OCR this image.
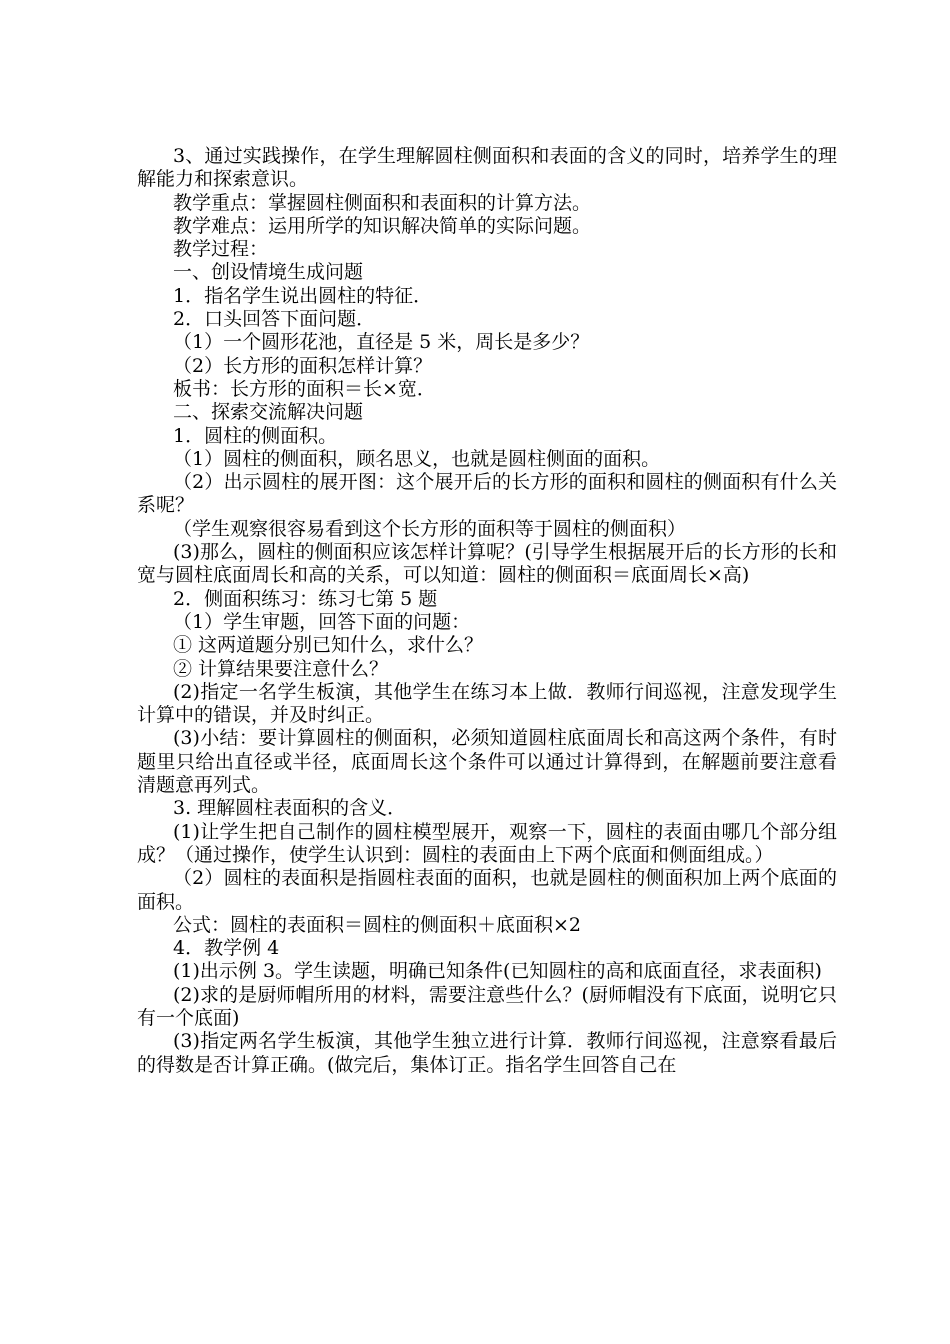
3、通过实践操作，在学生理解圆柱侧面积和表面的含义的同时，培养学生的理解能力和探索意识。

教学重点：掌握圆柱侧面积和表面积的计算方法。

教学难点：运用所学的知识解决简单的实际问题。

教学过程：

一、创设情境生成问题

1．指名学生说出圆柱的特征．

2．口头回答下面问题．

（1）一个圆形花池，直径是 5 米，周长是多少？

（2）长方形的面积怎样计算？

板书：长方形的面积＝长×宽．

二、探索交流解决问题

1．圆柱的侧面积。

（1）圆柱的侧面积，顾名思义，也就是圆柱侧面的面积。

（2）出示圆柱的展开图：这个展开后的长方形的面积和圆柱的侧面积有什么关系呢？

（学生观察很容易看到这个长方形的面积等于圆柱的侧面积）

(3)那么，圆柱的侧面积应该怎样计算呢？(引导学生根据展开后的长方形的长和宽与圆柱底面周长和高的关系，可以知道：圆柱的侧面积＝底面周长×高)

2．侧面积练习：练习七第 5 题

（1）学生审题，回答下面的问题：

① 这两道题分别已知什么，求什么？

② 计算结果要注意什么？

(2)指定一名学生板演，其他学生在练习本上做．教师行间巡视，注意发现学生计算中的错误，并及时纠正。

(3)小结：要计算圆柱的侧面积，必须知道圆柱底面周长和高这两个条件，有时题里只给出直径或半径，底面周长这个条件可以通过计算得到，在解题前要注意看清题意再列式。

3. 理解圆柱表面积的含义．

(1)让学生把自己制作的圆柱模型展开，观察一下，圆柱的表面由哪几个部分组成？（通过操作，使学生认识到：圆柱的表面由上下两个底面和侧面组成。）

（2）圆柱的表面积是指圆柱表面的面积，也就是圆柱的侧面积加上两个底面的面积。

公式：圆柱的表面积＝圆柱的侧面积＋底面积×2

4．教学例 4

(1)出示例 3。学生读题，明确已知条件(已知圆柱的高和底面直径，求表面积)

(2)求的是厨师帽所用的材料，需要注意些什么？(厨师帽没有下底面，说明它只有一个底面)

(3)指定两名学生板演，其他学生独立进行计算．教师行间巡视，注意察看最后的得数是否计算正确。(做完后，集体订正。指名学生回答自己在
